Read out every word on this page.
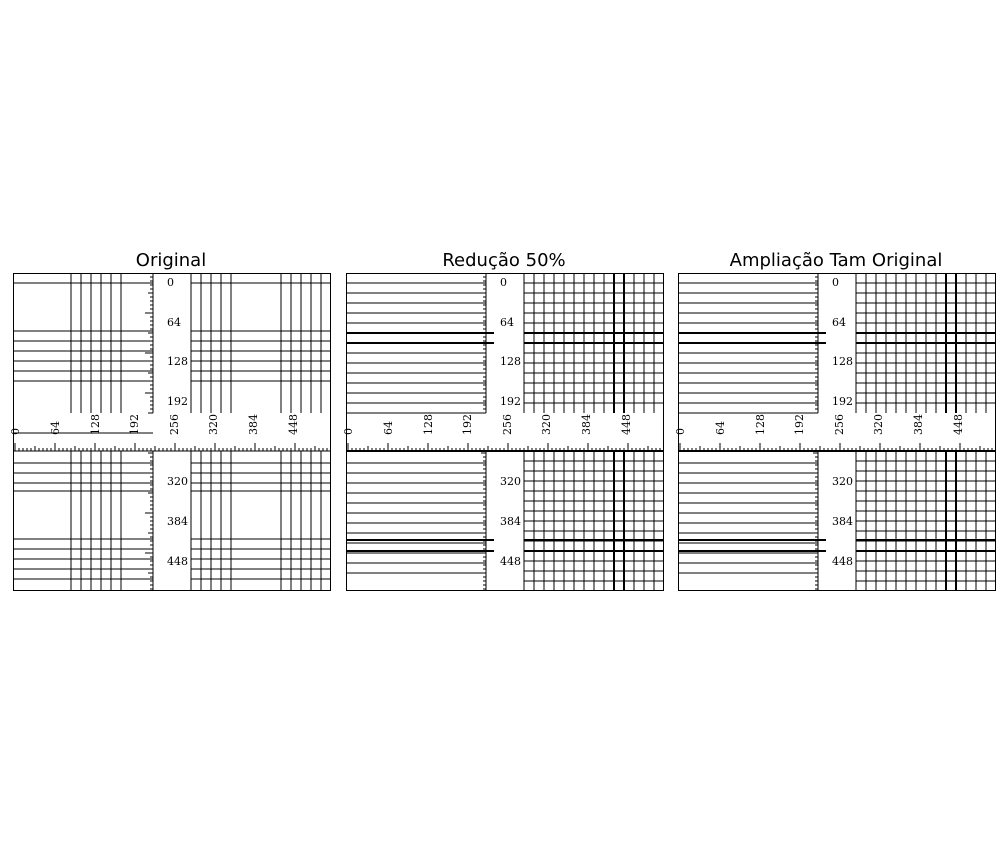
Original	Redução 50%	Ampliação Tam Original
0
64
128
192
320
384
448
0 64 128 192 256 320 384 448
0
64
128
192
320
384
448
0 64 128 192 256 320 384 448
0
64
128
192
320
384
448
0 64 128 192 256 320 384 448
